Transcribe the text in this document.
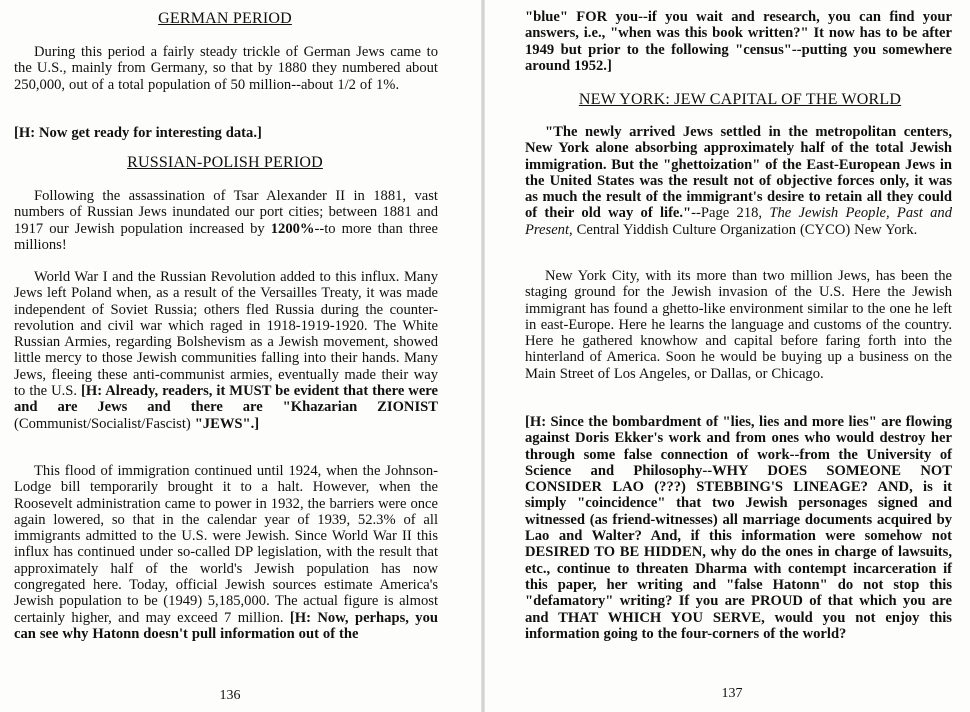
GERMAN PERIOD

During this period a fairly steady trickle of German Jews came to the U.S., mainly from Germany, so that by 1880 they numbered about 250,000, out of a total population of 50 million--about 1/2 of 1%.

[H: Now get ready for interesting data.]

RUSSIAN-POLISH PERIOD

Following the assassination of Tsar Alexander II in 1881, vast numbers of Russian Jews inundated our port cities; between 1881 and 1917 our Jewish population increased by 1200%--to more than three millions!

World War I and the Russian Revolution added to this influx. Many Jews left Poland when, as a result of the Versailles Treaty, it was made independent of Soviet Russia; others fled Russia during the counter-revolution and civil war which raged in 1918-1919-1920. The White Russian Armies, regarding Bolshevism as a Jewish movement, showed little mercy to those Jewish communities falling into their hands. Many Jews, fleeing these anti-communist armies, eventually made their way to the U.S. [H: Already, readers, it MUST be evident that there were and are Jews and there are "Khazarian ZIONIST (Communist/Socialist/Fascist) "JEWS".]

This flood of immigration continued until 1924, when the Johnson-Lodge bill temporarily brought it to a halt. However, when the Roosevelt administration came to power in 1932, the barriers were once again lowered, so that in the calendar year of 1939, 52.3% of all immigrants admitted to the U.S. were Jewish. Since World War II this influx has continued under so-called DP legislation, with the result that approximately half of the world's Jewish population has now congregated here. Today, official Jewish sources estimate America's Jewish population to be (1949) 5,185,000. The actual figure is almost certainly higher, and may exceed 7 million. [H: Now, perhaps, you can see why Hatonn doesn't pull information out of the

136

"blue" FOR you--if you wait and research, you can find your answers, i.e., "when was this book written?" It now has to be after 1949 but prior to the following "census"--putting you somewhere around 1952.]

NEW YORK: JEW CAPITAL OF THE WORLD

"The newly arrived Jews settled in the metropolitan centers, New York alone absorbing approximately half of the total Jewish immigration. But the "ghettoization" of the East-European Jews in the United States was the result not of objective forces only, it was as much the result of the immigrant's desire to retain all they could of their old way of life."--Page 218, The Jewish People, Past and Present, Central Yiddish Culture Organization (CYCO) New York.

New York City, with its more than two million Jews, has been the staging ground for the Jewish invasion of the U.S. Here the Jewish immigrant has found a ghetto-like environment similar to the one he left in east-Europe. Here he learns the language and customs of the country. Here he gathered knowhow and capital before faring forth into the hinterland of America. Soon he would be buying up a business on the Main Street of Los Angeles, or Dallas, or Chicago.

[H: Since the bombardment of "lies, lies and more lies" are flowing against Doris Ekker's work and from ones who would destroy her through some false connection of work--from the University of Science and Philosophy--WHY DOES SOMEONE NOT CONSIDER LAO (???) STEBBING'S LINEAGE? AND, is it simply "coincidence" that two Jewish personages signed and witnessed (as friend-witnesses) all marriage documents acquired by Lao and Walter? And, if this information were somehow not DESIRED TO BE HIDDEN, why do the ones in charge of lawsuits, etc., continue to threaten Dharma with contempt incarceration if this paper, her writing and "false Hatonn" do not stop this "defamatory" writing? If you are PROUD of that which you are and THAT WHICH YOU SERVE, would you not enjoy this information going to the four-corners of the world?

137
